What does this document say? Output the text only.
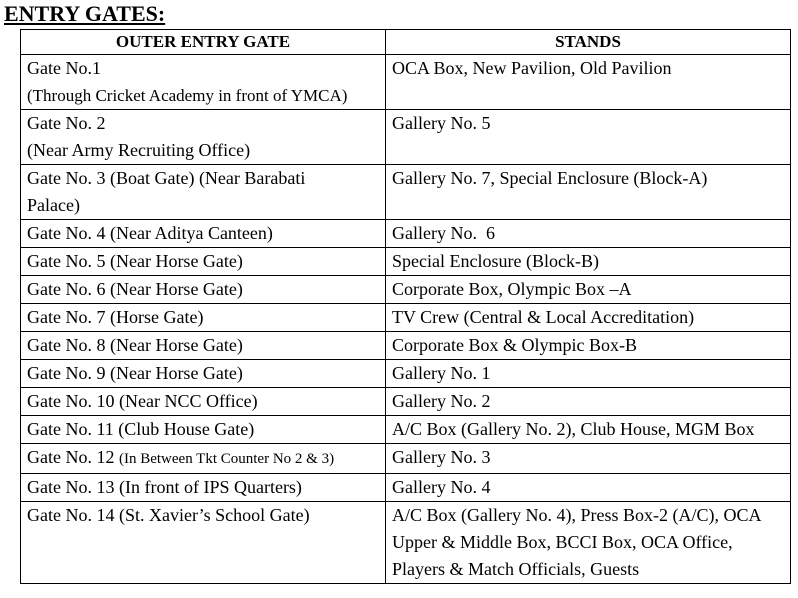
ENTRY GATES:
OUTER ENTRY GATE	STANDS
Gate No.1
(Through Cricket Academy in front of YMCA)	OCA Box, New Pavilion, Old Pavilion
Gate No. 2
(Near Army Recruiting Office)	Gallery No. 5
Gate No. 3 (Boat Gate) (Near Barabati Palace)	Gallery No. 7, Special Enclosure (Block-A)
Gate No. 4 (Near Aditya Canteen)	Gallery No.  6
Gate No. 5 (Near Horse Gate)	Special Enclosure (Block-B)
Gate No. 6 (Near Horse Gate)	Corporate Box, Olympic Box –A
Gate No. 7 (Horse Gate)	TV Crew (Central & Local Accreditation)
Gate No. 8 (Near Horse Gate)	Corporate Box & Olympic Box-B
Gate No. 9 (Near Horse Gate)	Gallery No. 1
Gate No. 10 (Near NCC Office)	Gallery No. 2
Gate No. 11 (Club House Gate)	A/C Box (Gallery No. 2), Club House, MGM Box
Gate No. 12 (In Between Tkt Counter No 2 & 3)	Gallery No. 3
Gate No. 13 (In front of IPS Quarters)	Gallery No. 4
Gate No. 14 (St. Xavier’s School Gate)	A/C Box (Gallery No. 4), Press Box-2 (A/C), OCA Upper & Middle Box, BCCI Box, OCA Office, Players & Match Officials, Guests
